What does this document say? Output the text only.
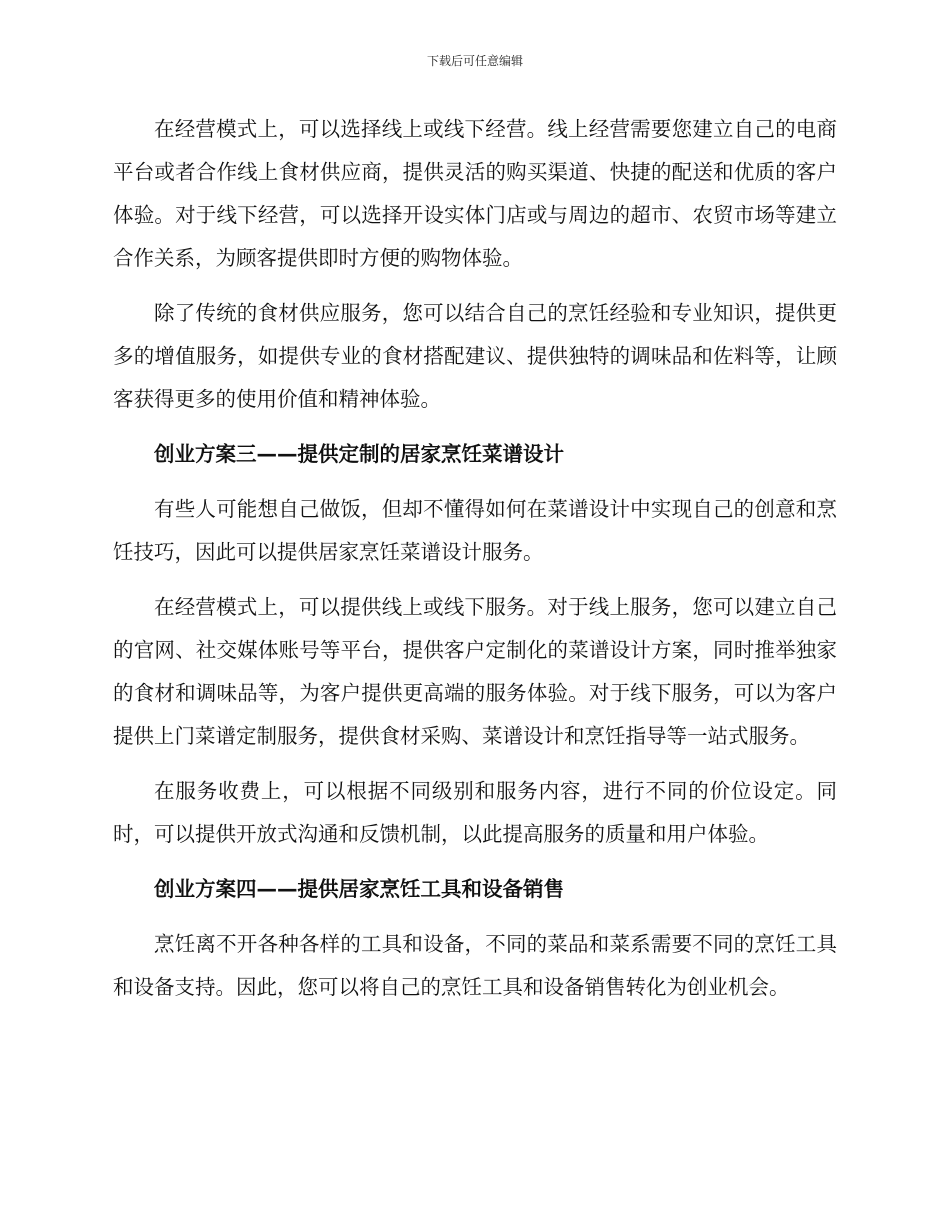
下载后可任意编辑

在经营模式上，可以选择线上或线下经营。线上经营需要您建立自己的电商平台或者合作线上食材供应商，提供灵活的购买渠道、快捷的配送和优质的客户体验。对于线下经营，可以选择开设实体门店或与周边的超市、农贸市场等建立合作关系，为顾客提供即时方便的购物体验。

除了传统的食材供应服务，您可以结合自己的烹饪经验和专业知识，提供更多的增值服务，如提供专业的食材搭配建议、提供独特的调味品和佐料等，让顾客获得更多的使用价值和精神体验。

创业方案三——提供定制的居家烹饪菜谱设计

有些人可能想自己做饭，但却不懂得如何在菜谱设计中实现自己的创意和烹饪技巧，因此可以提供居家烹饪菜谱设计服务。

在经营模式上，可以提供线上或线下服务。对于线上服务，您可以建立自己的官网、社交媒体账号等平台，提供客户定制化的菜谱设计方案，同时推举独家的食材和调味品等，为客户提供更高端的服务体验。对于线下服务，可以为客户提供上门菜谱定制服务，提供食材采购、菜谱设计和烹饪指导等一站式服务。

在服务收费上，可以根据不同级别和服务内容，进行不同的价位设定。同时，可以提供开放式沟通和反馈机制，以此提高服务的质量和用户体验。

创业方案四——提供居家烹饪工具和设备销售

烹饪离不开各种各样的工具和设备，不同的菜品和菜系需要不同的烹饪工具和设备支持。因此，您可以将自己的烹饪工具和设备销售转化为创业机会。
